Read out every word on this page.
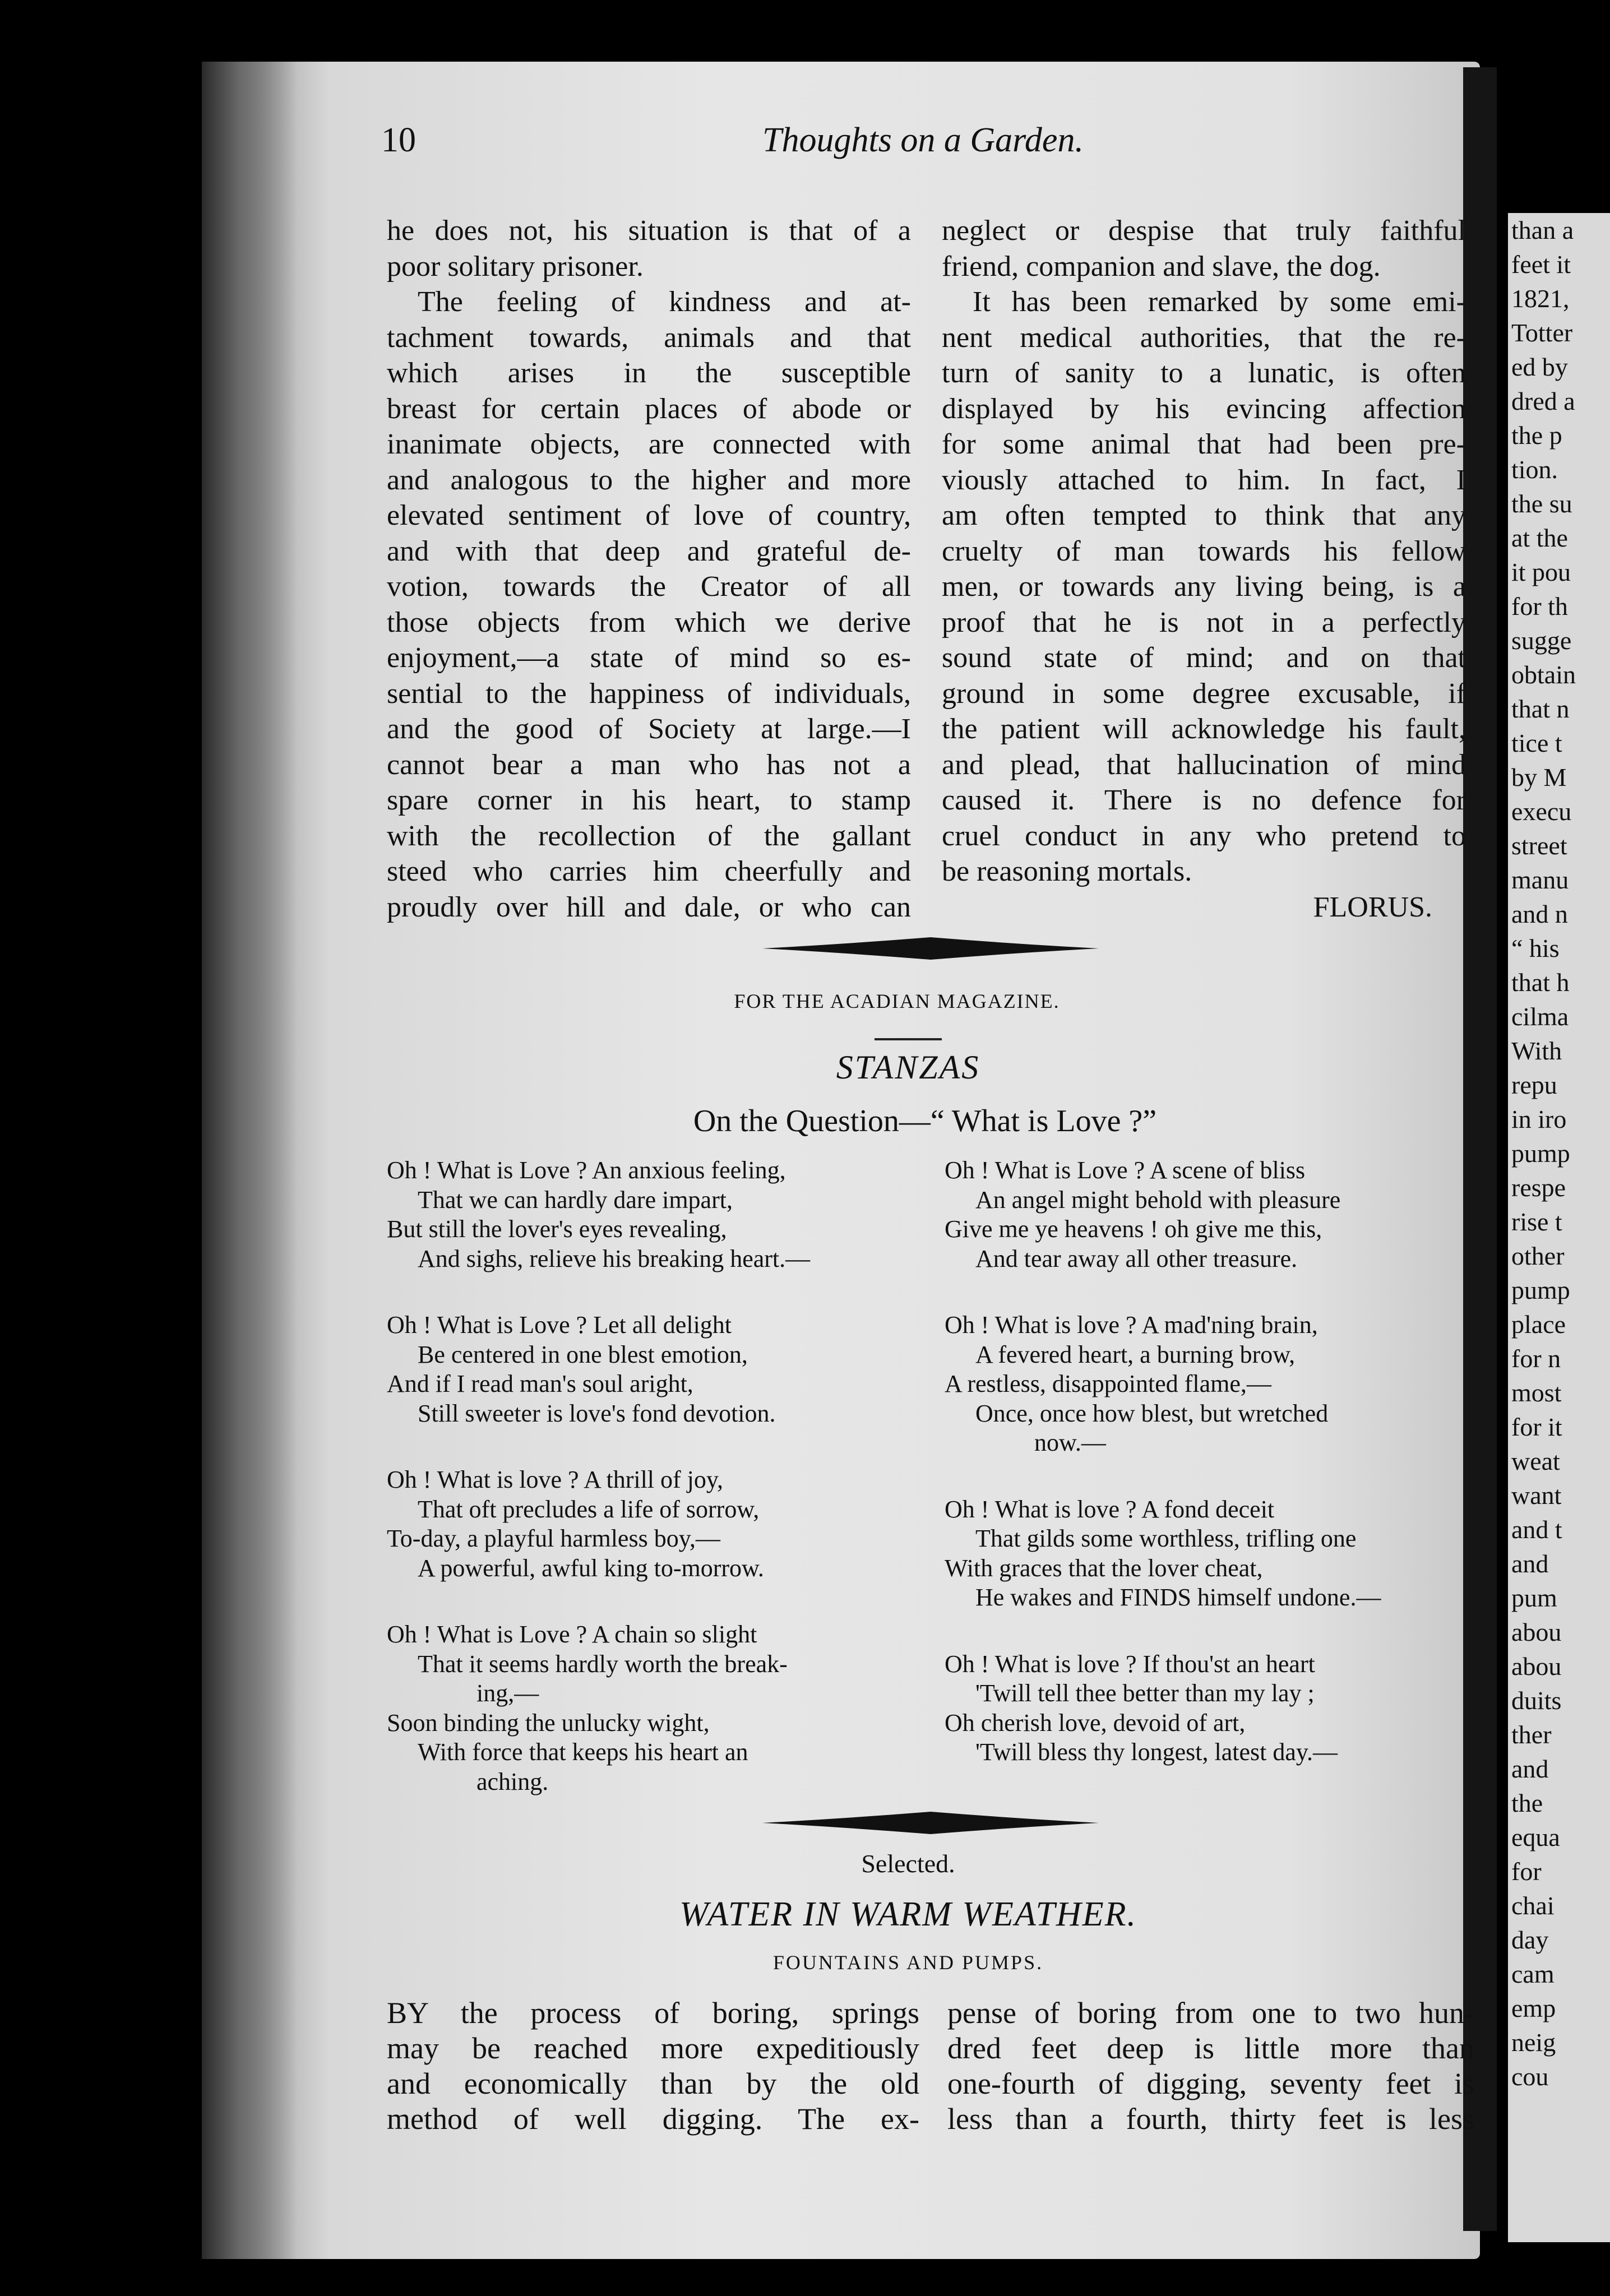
than a
feet it
1821,
Totter
ed by
dred a
the p
tion.
the su
at the
it pou
for th
sugge
obtain
that n
tice t
by M
execu
street
manu
and n
“ his
that h
cilma
With
repu
in iro
pump
respe
rise t
other
pump
place
for n
most
for it
weat
want
and t
and
pum
abou
abou
duits
ther
and
the
equa
for
chai
day
cam
emp
neig
cou
10	Thoughts on a Garden.
he does not, his situation is that of a
poor solitary prisoner.
The feeling of kindness and at-
tachment towards, animals and that
which arises in the susceptible
breast for certain places of abode or
inanimate objects, are connected with
and analogous to the higher and more
elevated sentiment of love of country,
and with that deep and grateful de-
votion, towards the Creator of all
those objects from which we derive
enjoyment,—a state of mind so es-
sential to the happiness of individuals,
and the good of Society at large.—I
cannot bear a man who has not a
spare corner in his heart, to stamp
with the recollection of the gallant
steed who carries him cheerfully and
proudly over hill and dale, or who can
neglect or despise that truly faithful
friend, companion and slave, the dog.
It has been remarked by some emi-
nent medical authorities, that the re-
turn of sanity to a lunatic, is often
displayed by his evincing affection
for some animal that had been pre-
viously attached to him. In fact, I
am often tempted to think that any
cruelty of man towards his fellow
men, or towards any living being, is a
proof that he is not in a perfectly
sound state of mind; and on that
ground in some degree excusable, if
the patient will acknowledge his fault,
and plead, that hallucination of mind
caused it. There is no defence for
cruel conduct in any who pretend to
be reasoning mortals.
FLORUS.
FOR THE ACADIAN MAGAZINE.
STANZAS
On the Question—“ What is Love ?”
Oh ! What is Love ? An anxious feeling,
That we can hardly dare impart,
But still the lover's eyes revealing,
And sighs, relieve his breaking heart.—
Oh ! What is Love ? Let all delight
Be centered in one blest emotion,
And if I read man's soul aright,
Still sweeter is love's fond devotion.
Oh ! What is love ? A thrill of joy,
That oft precludes a life of sorrow,
To-day, a playful harmless boy,—
A powerful, awful king to-morrow.
Oh ! What is Love ? A chain so slight
That it seems hardly worth the break-
ing,—
Soon binding the unlucky wight,
With force that keeps his heart an
aching.
Oh ! What is Love ? A scene of bliss
An angel might behold with pleasure
Give me ye heavens ! oh give me this,
And tear away all other treasure.
Oh ! What is love ? A mad'ning brain,
A fevered heart, a burning brow,
A restless, disappointed flame,—
Once, once how blest, but wretched
now.—
Oh ! What is love ? A fond deceit
That gilds some worthless, trifling one
With graces that the lover cheat,
He wakes and FINDS himself undone.—
Oh ! What is love ? If thou'st an heart
'Twill tell thee better than my lay ;
Oh cherish love, devoid of art,
'Twill bless thy longest, latest day.—
Selected.
WATER IN WARM WEATHER.
FOUNTAINS AND PUMPS.
BY the process of boring, springs
may be reached more expeditiously
and economically than by the old
method of well digging. The ex-
pense of boring from one to two hun-
dred feet deep is little more than
one-fourth of digging, seventy feet is
less than a fourth, thirty feet is less
